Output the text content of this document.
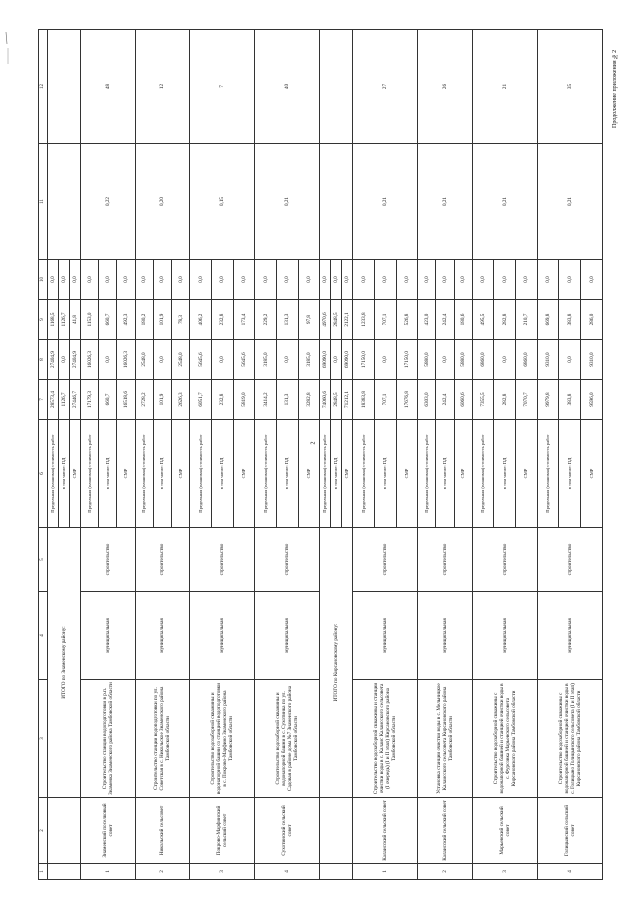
Продолжение приложения №2
2
1	2	3	4	5	6	7	8	9	10	11	12
		ИТОГО по Знаменскому району:			Предельная (плановая) стоимость работ	28573,4	27404,9	1168,5	0,0		
					в том числе: ПД	1126,7	0,0	1126,7	0,0		
					СМР	27446,7	27404,9	41,8	0,0		
1	Знаменский поселковый совет	Строительство станции водоподготовки в р.п. Знаменка Знаменского района Тамбовской области	муниципальная	строительство	Предельная (плановая) стоимость работ	17179,3	16026,3	1153,0	0,0	0,22	48
					в том числе: ПД	660,7	0,0	660,7	0,0		
					СМР	16518,6	16026,3	492,3	0,0		
2	Никольский сельсовет	Строительство станции водоподготовки по ул. Советская в с. Никольское Знаменского района Тамбовской области	муниципальная	строительство	Предельная (плановая) стоимость работ	2728,2	2548,0	180,2	0,0	0,20	12
					в том числе: ПД	101,9	0,0	101,9	0,0		
					СМР	2626,3	2548,0	78,3	0,0		
3	Покрово-Марфинский сельский совет	Строительство водозаборной скважины и водонапорной башни со станцией водоподготовки в с. Покрово-Марфино Знаменского района Тамбовской области	муниципальная	строительство	Предельная (плановая) стоимость работ	6051,7	5645,6	406,2	0,0	0,15	7
					в том числе: ПД	232,8	0,0	232,8	0,0		
					СМР	5819,0	5645,6	173,4	0,0		
4	Сухотинский сельский совет	Строительство водозаборной скважины и водонапорной башни в с. Сухотинка по ул. Садовая в районе дома №7 Знаменского района Тамбовской области	муниципальная	строительство	Предельная (плановая) стоимость работ	3414,2	3185,0	229,2	0,0	0,21	40
					в том числе: ПД	131,3	0,0	131,3	0,0		
					СМР	3282,8	3185,0	97,8	0,0		
		ИТОГО по Кирсановскому району:			Предельная (плановая) стоимость работ	74060,6	69090,0	4970,6	0,0		
					в том числе: ПД	2848,5	0,0	2848,5	0,0		
					СМР	71212,1	69090,0	2122,1	0,0		
1	Калаисский сельский совет	Строительство водозаборной скважины и станции очистки воды в с. Калаис Калаисского сельсовета (I очередь) (I и II этап) Кирсановского района Тамбовской области	муниципальная	строительство	Предельная (плановая) стоимость работ	18383,8	17150,0	1233,8	0,0	0,21	27
					в том числе: ПД	707,1	0,0	707,1	0,0		
					СМР	17676,8	17150,0	526,8	0,0		
2	Калаисский сельский совет	Установка станции очистки воды в с. Мельницкое Калаисского сельсовета Кирсановского района Тамбовской области	муниципальная	строительство	Предельная (плановая) стоимость работ	6303,0	5880,0	423,0	0,0	0,21	26
					в том числе: ПД	242,4	0,0	242,4	0,0		
					СМР	6060,6	5880,0	180,6	0,0		
3	Марьевский сельский совет	Строительство водозаборной скважины с водонапорной башней и станцией очистки воды в с. Фурсовка Марьевского сельсовета Кирсановского района Тамбовской области	муниципальная	строительство	Предельная (плановая) стоимость работ	7355,5	6860,0	495,5	0,0	0,21	21
					в том числе: ПД	282,8	0,0	282,8	0,0		
					СМР	7070,7	6860,0	210,7	0,0		
4	Голицынский сельский совет	Строительство водозаборной скважины с водонапорной башней и станцией очистки воды в с. Голицыно Голицынского сельсовета (I и II этап) Кирсановского района Тамбовской области	муниципальная	строительство	Предельная (плановая) стоимость работ	9979,8	9310,0	669,8	0,0	0,21	35
					в том числе: ПД	383,8	0,0	383,8	0,0		
					СМР	9596,0	9310,0	286,0	0,0		
